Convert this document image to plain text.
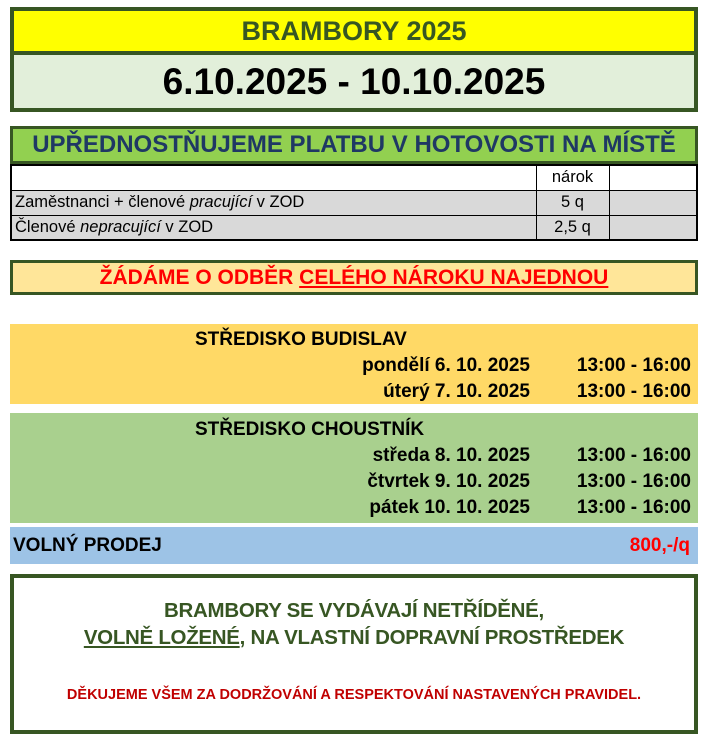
BRAMBORY 2025
6.10.2025 - 10.10.2025
UPŘEDNOSTŇUJEME PLATBU V HOTOVOSTI NA MÍSTĚ
	nárok	
Zaměstnanci + členové pracující v ZOD	5 q	
Členové nepracující v ZOD	2,5 q	
ŽÁDÁME O ODBĚR CELÉHO NÁROKU NAJEDNOU
STŘEDISKO BUDISLAV
pondělí 6. 10. 2025	13:00 - 16:00
úterý 7. 10. 2025	13:00 - 16:00
STŘEDISKO CHOUSTNÍK
středa 8. 10. 2025	13:00 - 16:00
čtvrtek 9. 10. 2025	13:00 - 16:00
pátek 10. 10. 2025	13:00 - 16:00
VOLNÝ PRODEJ	800,-/q
BRAMBORY SE VYDÁVAJÍ NETŘÍDĚNÉ,
VOLNĚ LOŽENÉ, NA VLASTNÍ DOPRAVNÍ PROSTŘEDEK
DĚKUJEME VŠEM ZA DODRŽOVÁNÍ A RESPEKTOVÁNÍ NASTAVENÝCH PRAVIDEL.
